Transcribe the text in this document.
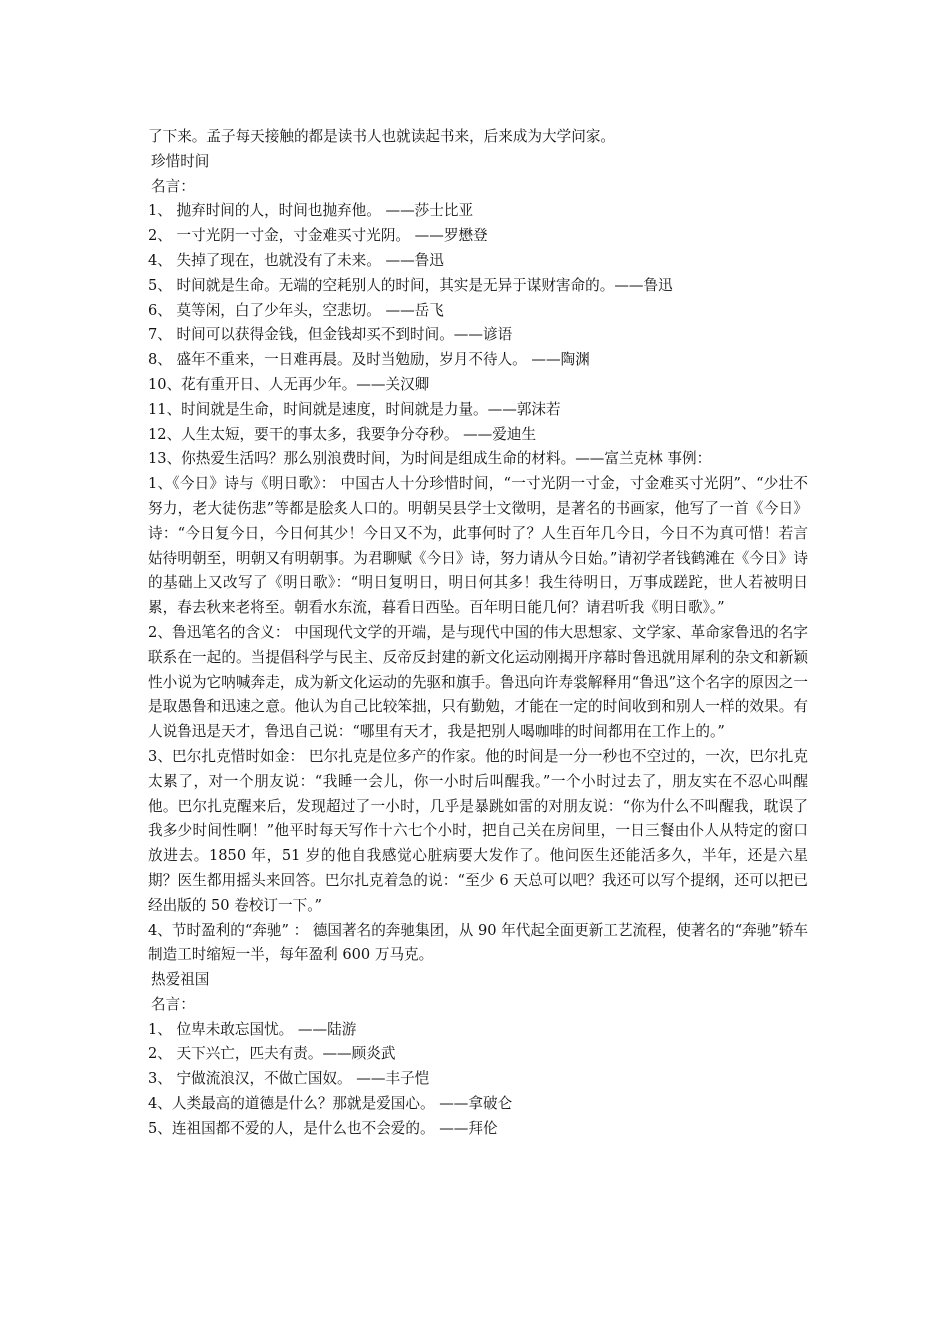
了下来。孟子每天接触的都是读书人也就读起书来，后来成为大学问家。
珍惜时间
名言：
1、 抛弃时间的人，时间也抛弃他。 ——莎士比亚
2、 一寸光阴一寸金，寸金难买寸光阴。 ——罗懋登
4、 失掉了现在，也就没有了未来。 ——鲁迅
5、 时间就是生命。无端的空耗别人的时间，其实是无异于谋财害命的。——鲁迅
6、 莫等闲，白了少年头，空悲切。 ——岳飞
7、 时间可以获得金钱，但金钱却买不到时间。——谚语
8、 盛年不重来，一日难再晨。及时当勉励，岁月不待人。 ——陶渊
10、花有重开日、人无再少年。——关汉卿
11、时间就是生命，时间就是速度，时间就是力量。——郭沫若
12、人生太短，要干的事太多，我要争分夺秒。 ——爱迪生
13、你热爱生活吗？那么别浪费时间，为时间是组成生命的材料。——富兰克林 事例：
1、《今日》诗与《明日歌》： 中国古人十分珍惜时间，“一寸光阴一寸金，寸金难买寸光阴”、“少壮不努力，老大徒伤悲”等都是脍炙人口的。明朝吴县学士文徵明，是著名的书画家，他写了一首《今日》诗：“今日复今日，今日何其少！今日又不为，此事何时了？人生百年几今日，今日不为真可惜！若言姑待明朝至，明朝又有明朝事。为君聊赋《今日》诗，努力请从今日始。”请初学者钱鹤滩在《今日》诗的基础上又改写了《明日歌》：“明日复明日，明日何其多！我生待明日，万事成蹉跎，世人若被明日累，春去秋来老将至。朝看水东流，暮看日西坠。百年明日能几何？请君听我《明日歌》。”
2、鲁迅笔名的含义： 中国现代文学的开端，是与现代中国的伟大思想家、文学家、革命家鲁迅的名字联系在一起的。当提倡科学与民主、反帝反封建的新文化运动刚揭开序幕时鲁迅就用犀利的杂文和新颖性小说为它呐喊奔走，成为新文化运动的先驱和旗手。鲁迅向许寿裳解释用“鲁迅”这个名字的原因之一是取愚鲁和迅速之意。他认为自己比较笨拙，只有勤勉，才能在一定的时间收到和别人一样的效果。有人说鲁迅是天才，鲁迅自己说：“哪里有天才，我是把别人喝咖啡的时间都用在工作上的。”
3、巴尔扎克惜时如金： 巴尔扎克是位多产的作家。他的时间是一分一秒也不空过的，一次，巴尔扎克太累了，对一个朋友说：“我睡一会儿，你一小时后叫醒我。”一个小时过去了，朋友实在不忍心叫醒他。巴尔扎克醒来后，发现超过了一小时，几乎是暴跳如雷的对朋友说：“你为什么不叫醒我，耽误了我多少时间性啊！”他平时每天写作十六七个小时，把自己关在房间里，一日三餐由仆人从特定的窗口放进去。1850 年，51 岁的他自我感觉心脏病要大发作了。他问医生还能活多久，半年，还是六星期？医生都用摇头来回答。巴尔扎克着急的说：“至少 6 天总可以吧？我还可以写个提纲，还可以把已经出版的 50 卷校订一下。”
4、节时盈利的“奔驰” ： 德国著名的奔驰集团，从 90 年代起全面更新工艺流程，使著名的“奔驰”轿车制造工时缩短一半，每年盈利 600 万马克。
热爱祖国
名言：
1、 位卑未敢忘国忧。 ——陆游
2、 天下兴亡，匹夫有责。——顾炎武
3、 宁做流浪汉，不做亡国奴。 ——丰子恺
4、人类最高的道德是什么？那就是爱国心。 ——拿破仑
5、连祖国都不爱的人，是什么也不会爱的。 ——拜伦
